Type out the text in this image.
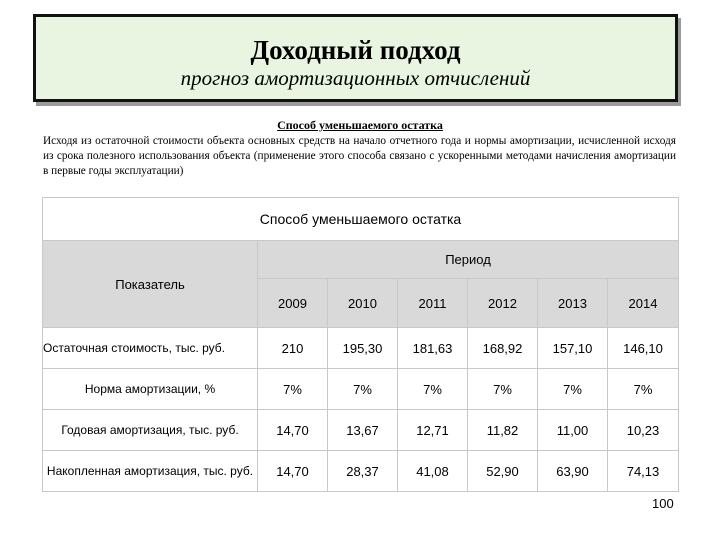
Доходный подход
прогноз амортизационных отчислений
Способ уменьшаемого остатка
Исходя из остаточной стоимости объекта основных средств на начало отчетного года и нормы амортизации, исчисленной исходя из срока полезного использования объекта (применение этого способа связано с ускоренными методами начисления амортизации в первые годы эксплуатации)
Способ уменьшаемого остатка						
Показатель	Период					
	2009	2010	2011	2012	2013	2014
Остаточная стоимость, тыс. руб.	210	195,30	181,63	168,92	157,10	146,10
Норма амортизации, %	7%	7%	7%	7%	7%	7%
Годовая амортизация, тыс. руб.	14,70	13,67	12,71	11,82	11,00	10,23
Накопленная амортизация, тыс. руб.	14,70	28,37	41,08	52,90	63,90	74,13
100
